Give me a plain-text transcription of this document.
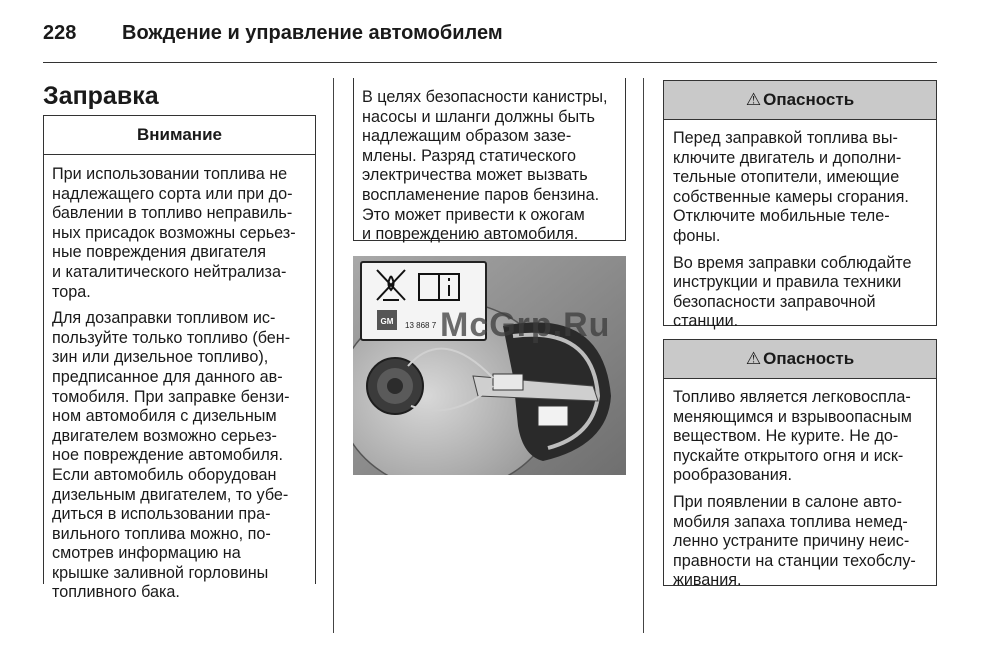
228 Вождение и управление автомобилем
Заправка
Внимание

При использовании топлива не
надлежащего сорта или при до-
бавлении в топливо неправиль-
ных присадок возможны серьез-
ные повреждения двигателя
и каталитического нейтрализа-
тора.

Для дозаправки топливом ис-
пользуйте только топливо (бен-
зин или дизельное топливо),
предписанное для данного ав-
томобиля. При заправке бензи-
ном автомобиля с дизельным
двигателем возможно серьез-
ное повреждение автомобиля.
Если автомобиль оборудован
дизельным двигателем, то убе-
диться в использовании пра-
вильного топлива можно, по-
смотрев информацию на
крышке заливной горловины
топливного бака.

В целях безопасности канистры,
насосы и шланги должны быть
надлежащим образом зазе-
млены. Разряд статического
электричества может вызвать
воспламенение паров бензина.
Это может привести к ожогам
и повреждению автомобиля.

GM 13 868 7 McGrp.Ru
⚠ Опасность

Перед заправкой топлива вы-
ключите двигатель и дополни-
тельные отопители, имеющие
собственные камеры сгорания.
Отключите мобильные теле-
фоны.

Во время заправки соблюдайте
инструкции и правила техники
безопасности заправочной
станции.

⚠ Опасность

Топливо является легковоспла-
меняющимся и взрывоопасным
веществом. Не курите. Не до-
пускайте открытого огня и иск-
рообразования.

При появлении в салоне авто-
мобиля запаха топлива немед-
ленно устраните причину неис-
правности на станции техобслу-
живания.
